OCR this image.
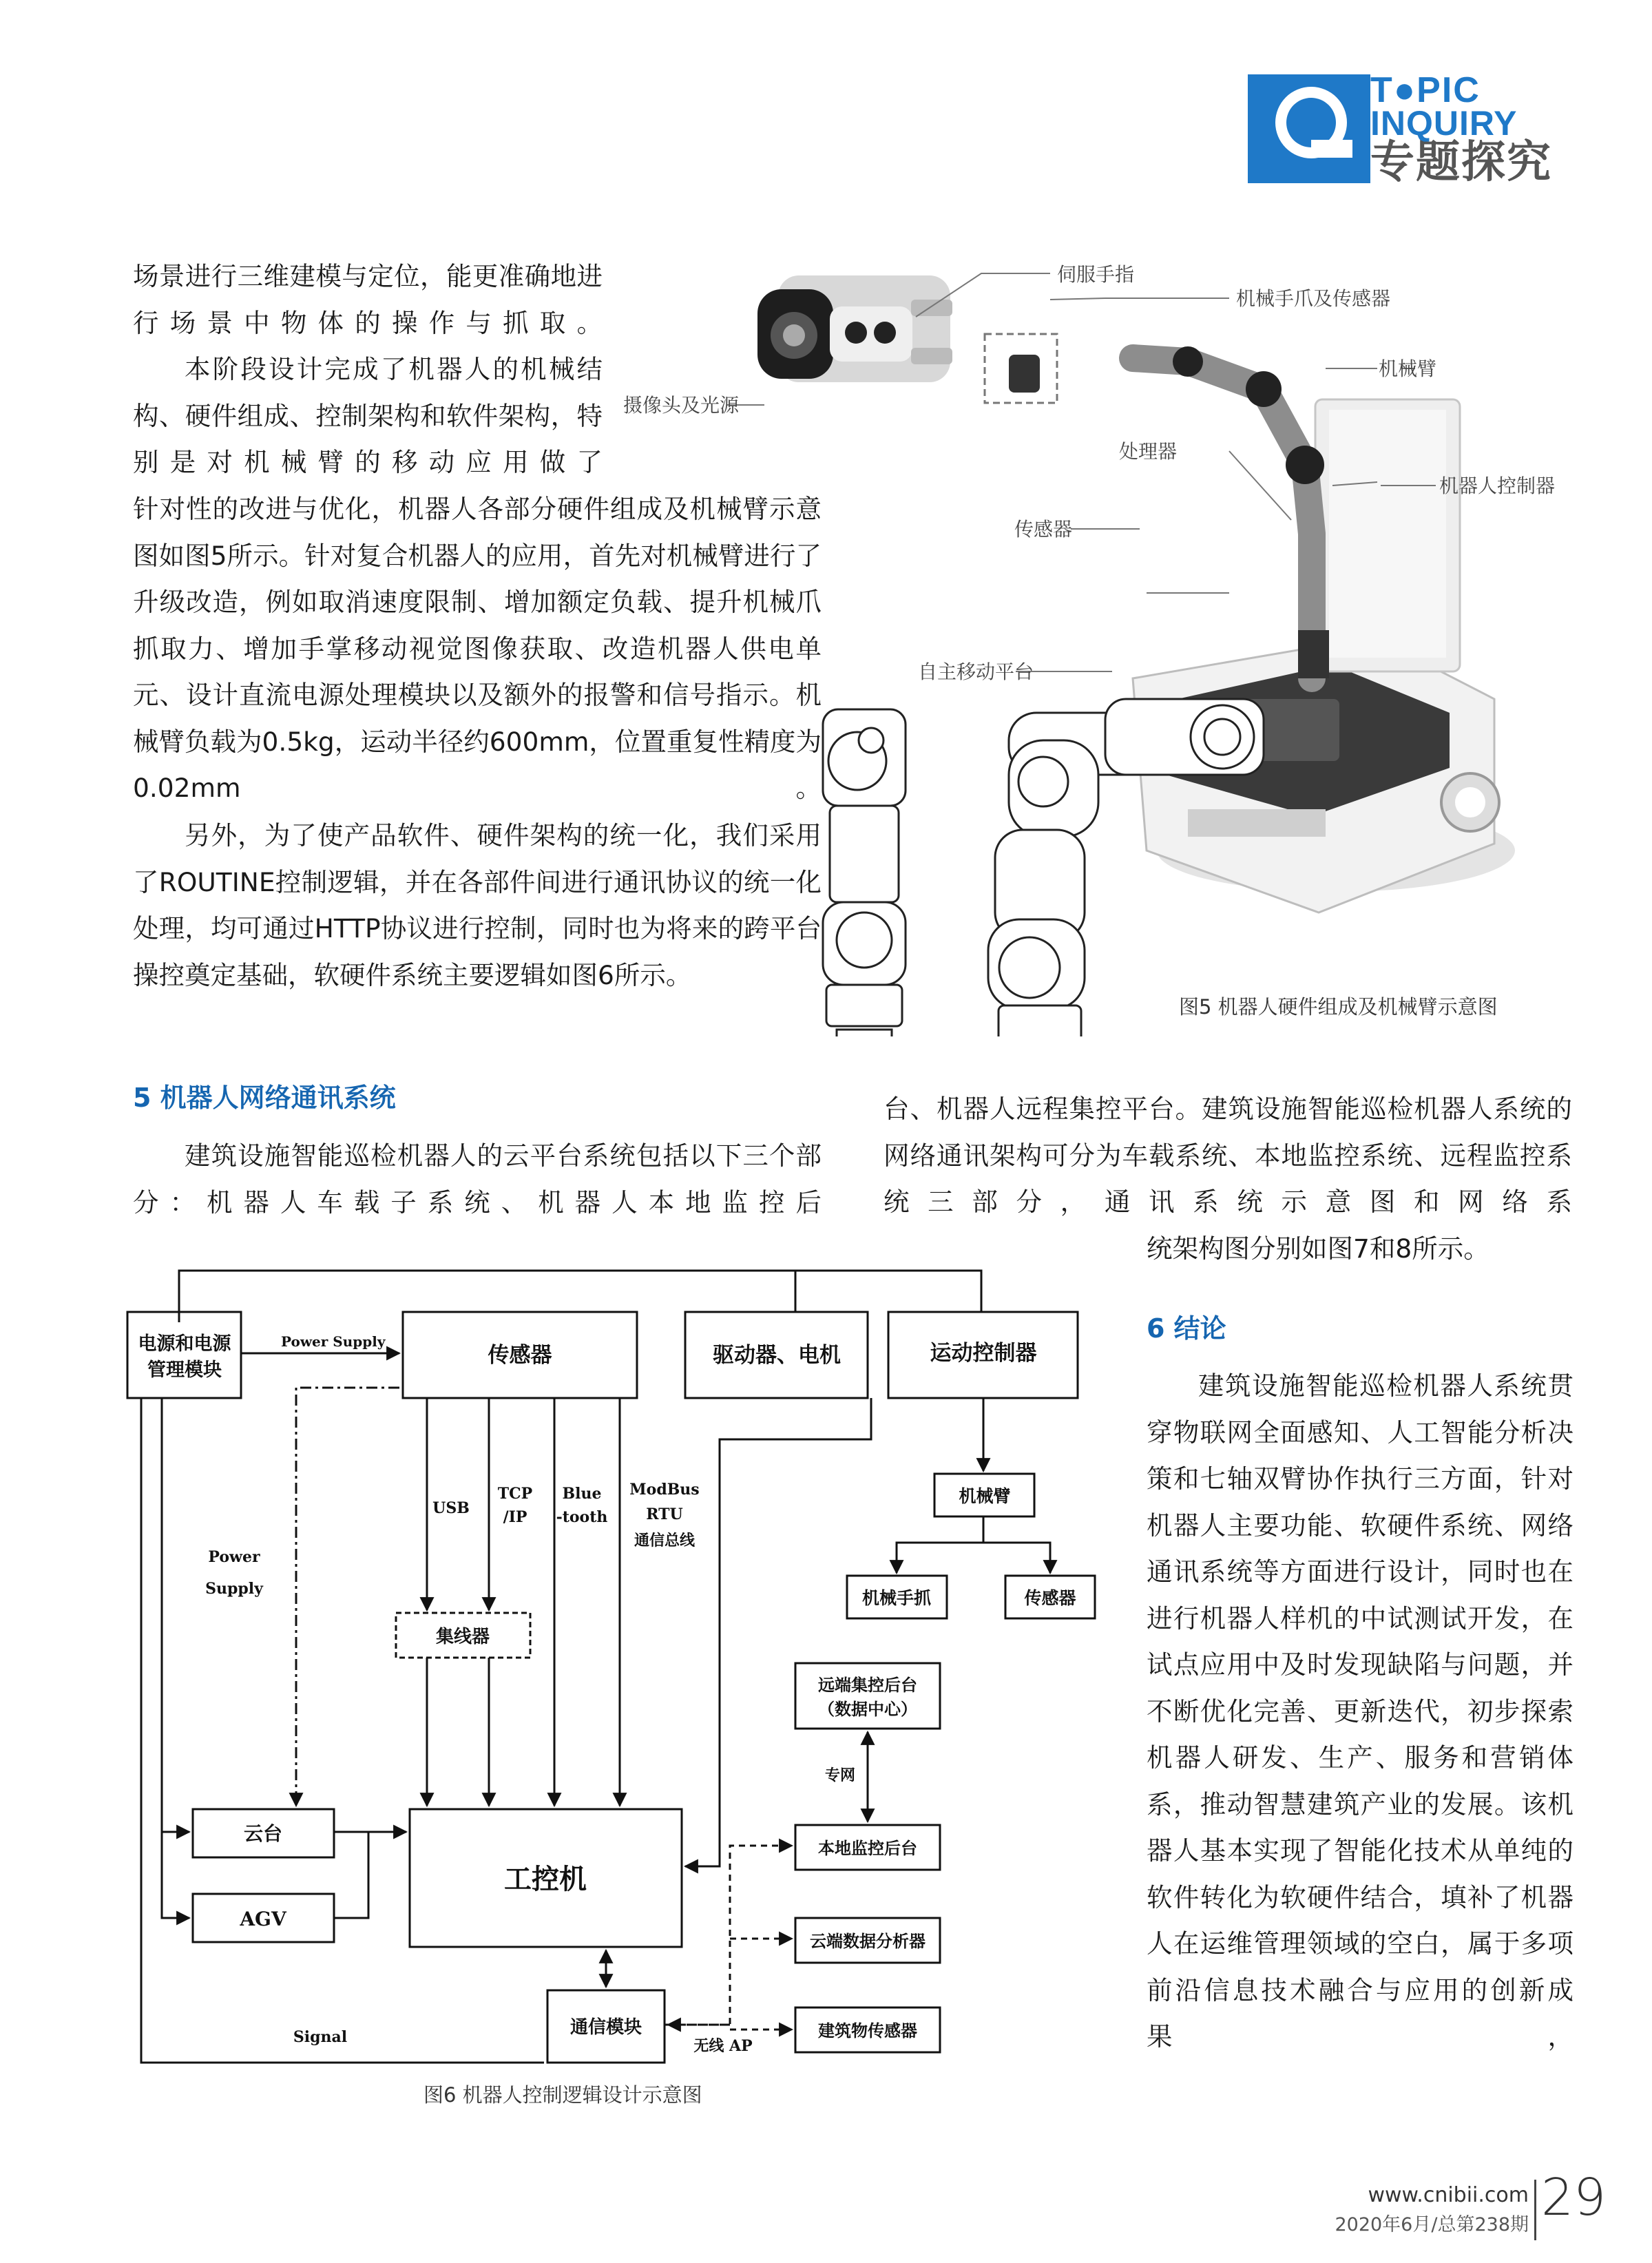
T●PIC
INQUIRY
专题探究
场景进行三维建模与定位，能更准确地进行场景中物体的操作与抓取。
本阶段设计完成了机器人的机械结构、硬件组成、控制架构和软件架构，特别是对机械臂的移动应用做了
针对性的改进与优化，机器人各部分硬件组成及机械臂示意图如图5所示。针对复合机器人的应用，首先对机械臂进行了升级改造，例如取消速度限制、增加额定负载、提升机械爪抓取力、增加手掌移动视觉图像获取、改造机器人供电单元、设计直流电源处理模块以及额外的报警和信号指示。机械臂负载为0.5kg，运动半径约600mm，位置重复性精度为0.02mm。
另外，为了使产品软件、硬件架构的统一化，我们采用了ROUTINE控制逻辑，并在各部件间进行通讯协议的统一化处理，均可通过HTTP协议进行控制，同时也为将来的跨平台操控奠定基础，软硬件系统主要逻辑如图6所示。
5 机器人网络通讯系统
建筑设施智能巡检机器人的云平台系统包括以下三个部分：机器人车载子系统、机器人本地监控后
台、机器人远程集控平台。建筑设施智能巡检机器人系统的网络通讯架构可分为车载系统、本地监控系统、远程监控系统三部分，通讯系统示意图和网络系
统架构图分别如图7和8所示。
6 结论
建筑设施智能巡检机器人系统贯穿物联网全面感知、人工智能分析决策和七轴双臂协作执行三方面，针对机器人主要功能、软硬件系统、网络通讯系统等方面进行设计，同时也在进行机器人样机的中试测试开发，在试点应用中及时发现缺陷与问题，并不断优化完善、更新迭代，初步探索机器人研发、生产、服务和营销体系，推动智慧建筑产业的发展。该机器人基本实现了智能化技术从单纯的软件转化为软硬件结合，填补了机器人在运维管理领域的空白，属于多项前沿信息技术融合与应用的创新成果，
伺服手指
机械手爪及传感器
摄像头及光源
机械臂
处理器
机器人控制器
传感器
自主移动平台
图5 机器人硬件组成及机械臂示意图
电源和电源
管理模块
传感器	驱动器、电机	运动控制器
机械臂
机械手抓	传感器
集线器
远端集控后台
（数据中心）
云台
AGV
工控机
本地监控后台
云端数据分析器
建筑物传感器
通信模块
Power Supply
Power
Supply
USB
TCP
/IP
Blue
-tooth
ModBus
RTU
通信总线
专网
Signal	无线 AP
图6 机器人控制逻辑设计示意图
www.cnibii.com
2020年6月/总第238期 29
